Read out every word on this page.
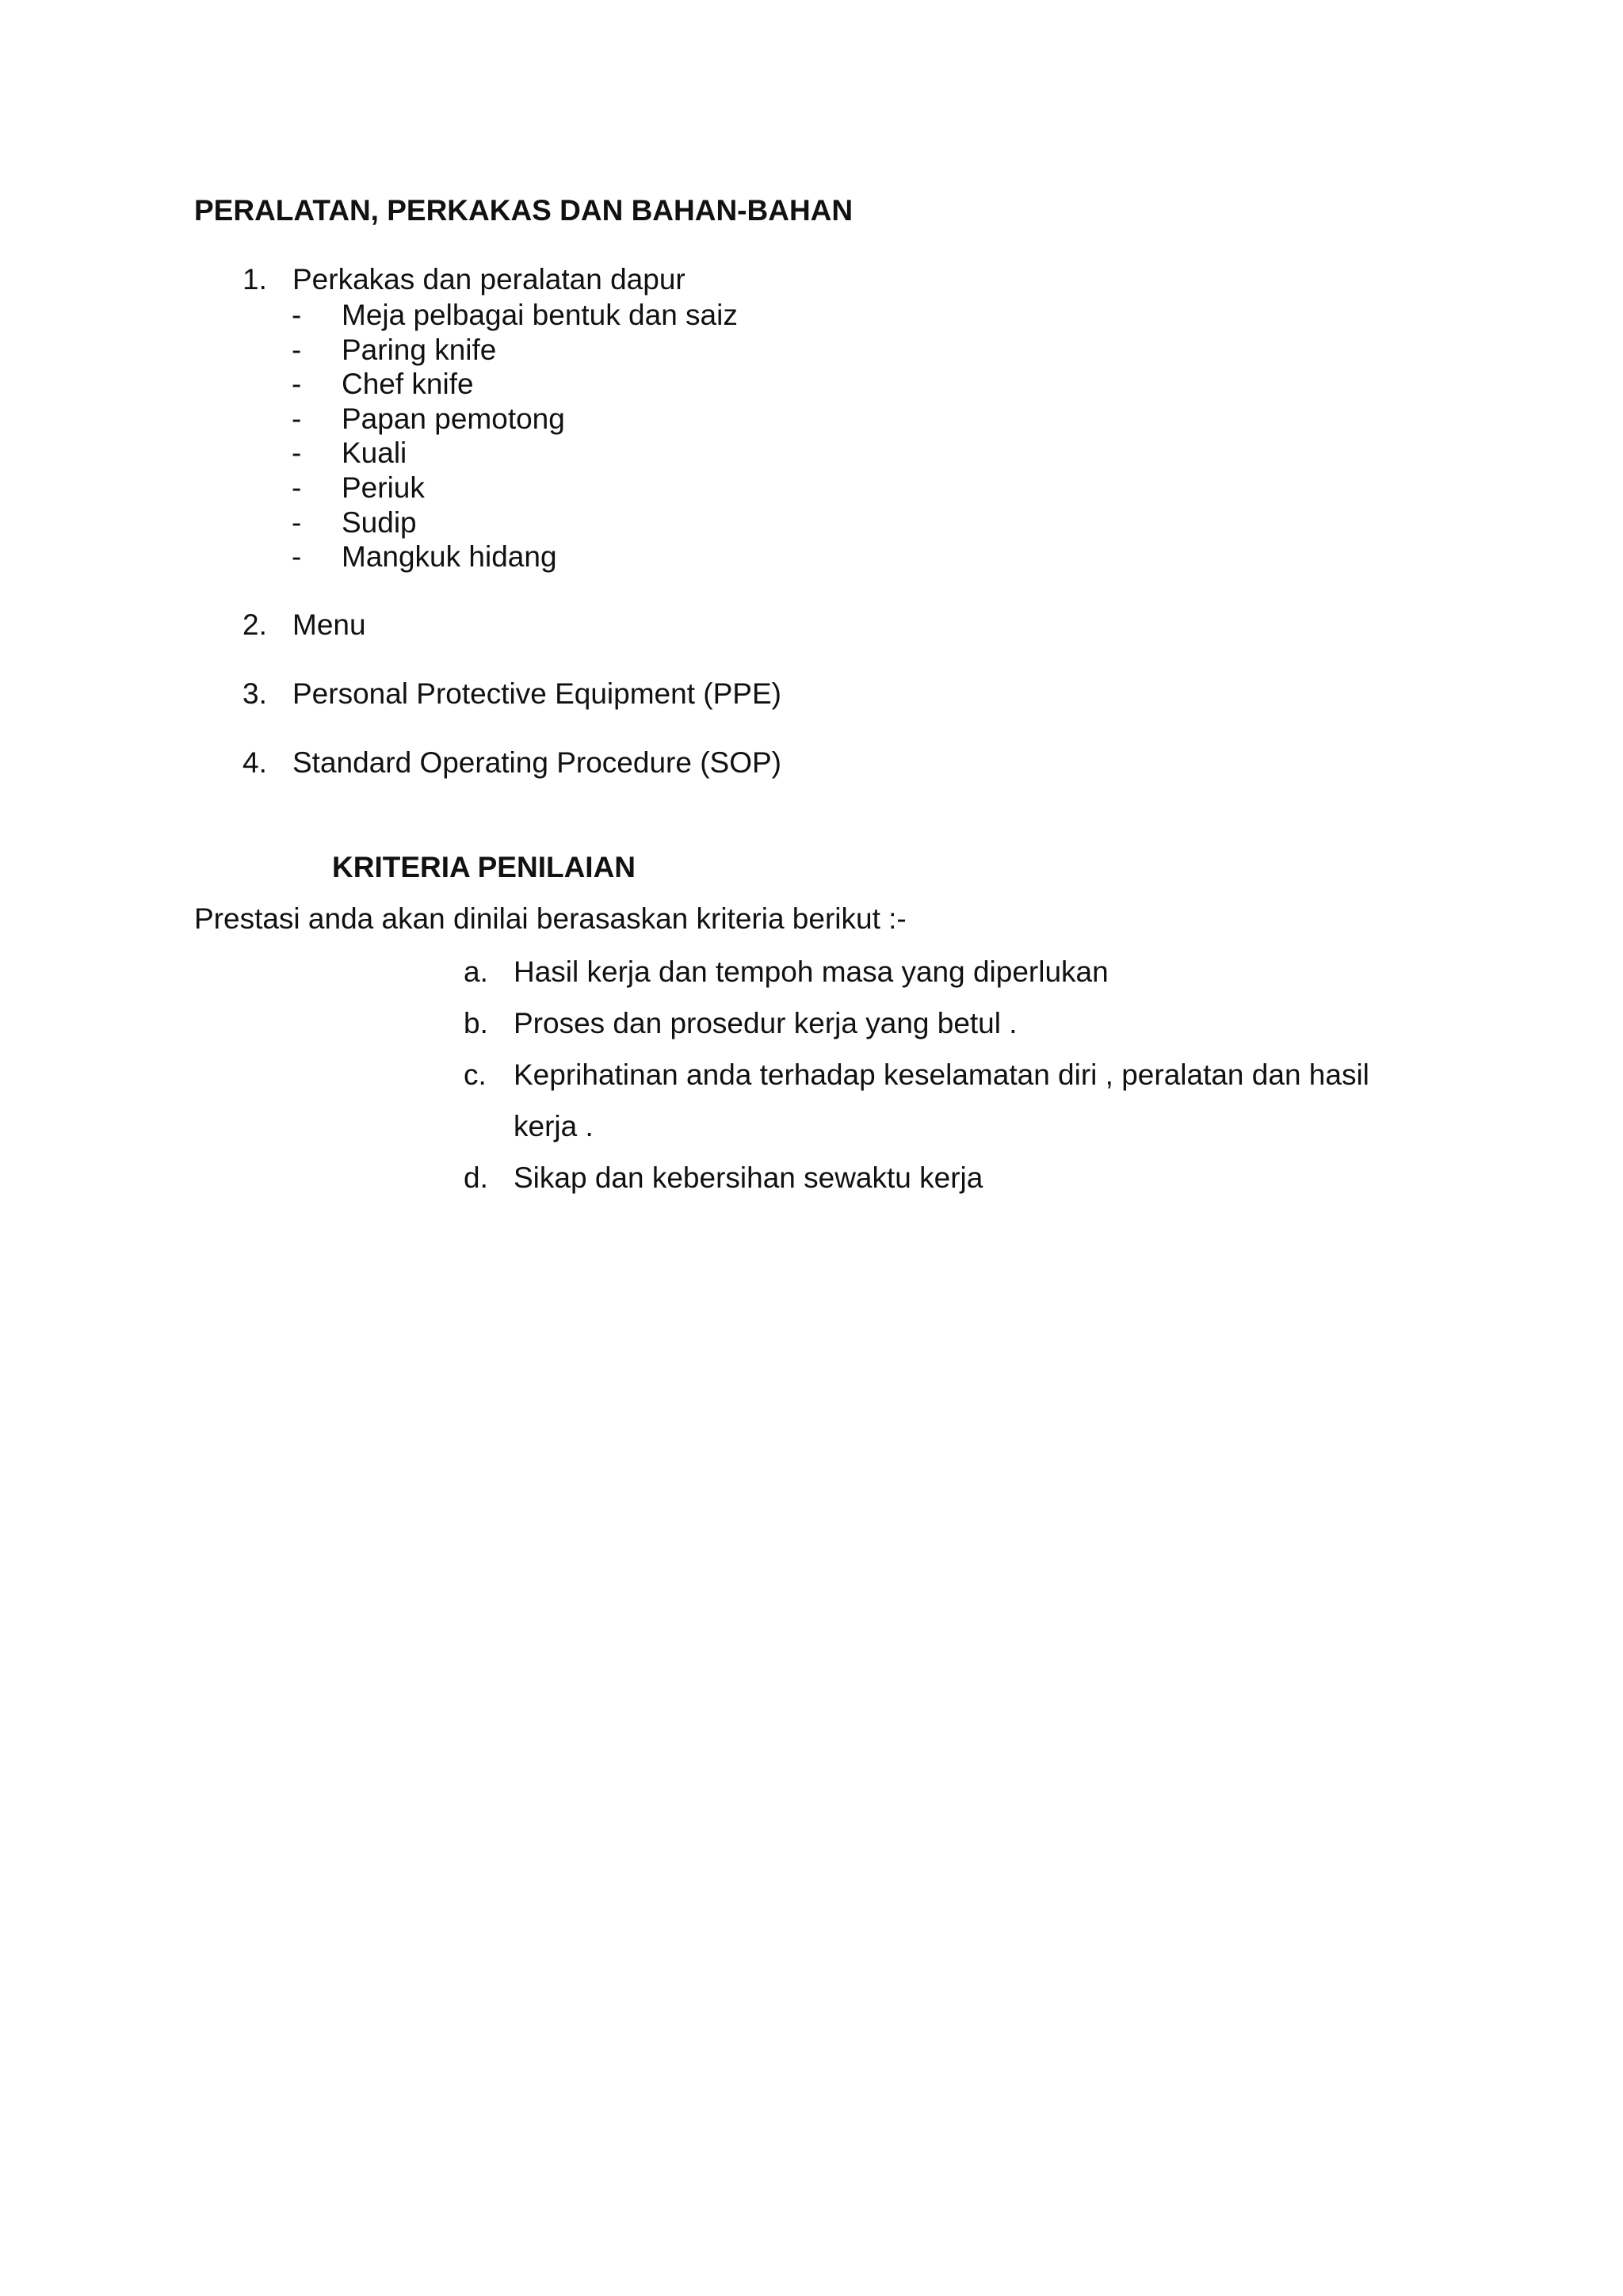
PERALATAN, PERKAKAS DAN BAHAN-BAHAN
1. Perkakas dan peralatan dapur
- Meja pelbagai bentuk dan saiz
- Paring knife
- Chef knife
- Papan pemotong
- Kuali
- Periuk
- Sudip
- Mangkuk hidang
2. Menu
3. Personal Protective Equipment (PPE)
4. Standard Operating Procedure (SOP)
KRITERIA PENILAIAN
Prestasi anda akan dinilai berasaskan kriteria berikut :-
a. Hasil kerja dan tempoh masa yang diperlukan
b. Proses dan prosedur kerja yang betul .
c. Keprihatinan anda terhadap keselamatan diri , peralatan dan hasil
kerja .
d. Sikap dan kebersihan sewaktu kerja
